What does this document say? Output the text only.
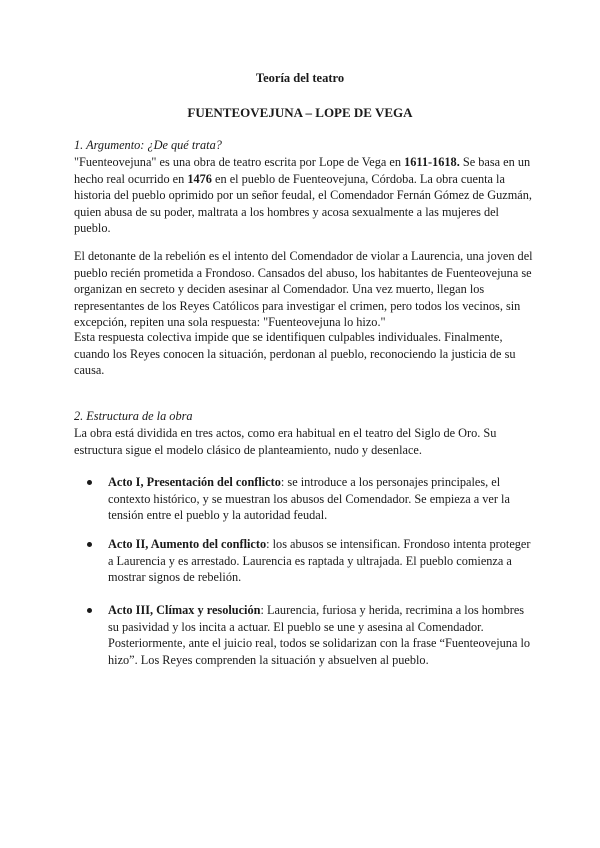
Teoría del teatro

FUENTEOVEJUNA – LOPE DE VEGA

1. Argumento: ¿De qué trata?

"Fuenteovejuna" es una obra de teatro escrita por Lope de Vega en 1611-1618. Se basa en un hecho real ocurrido en 1476 en el pueblo de Fuenteovejuna, Córdoba. La obra cuenta la historia del pueblo oprimido por un señor feudal, el Comendador Fernán Gómez de Guzmán, quien abusa de su poder, maltrata a los hombres y acosa sexualmente a las mujeres del pueblo.

El detonante de la rebelión es el intento del Comendador de violar a Laurencia, una joven del pueblo recién prometida a Frondoso. Cansados del abuso, los habitantes de Fuenteovejuna se organizan en secreto y deciden asesinar al Comendador. Una vez muerto, llegan los representantes de los Reyes Católicos para investigar el crimen, pero todos los vecinos, sin excepción, repiten una sola respuesta: "Fuenteovejuna lo hizo."

Esta respuesta colectiva impide que se identifiquen culpables individuales. Finalmente, cuando los Reyes conocen la situación, perdonan al pueblo, reconociendo la justicia de su causa.

2. Estructura de la obra

La obra está dividida en tres actos, como era habitual en el teatro del Siglo de Oro. Su estructura sigue el modelo clásico de planteamiento, nudo y desenlace.

Acto I, Presentación del conflicto: se introduce a los personajes principales, el contexto histórico, y se muestran los abusos del Comendador. Se empieza a ver la tensión entre el pueblo y la autoridad feudal.
Acto II, Aumento del conflicto: los abusos se intensifican. Frondoso intenta proteger a Laurencia y es arrestado. Laurencia es raptada y ultrajada. El pueblo comienza a mostrar signos de rebelión.
Acto III, Clímax y resolución: Laurencia, furiosa y herida, recrimina a los hombres su pasividad y los incita a actuar. El pueblo se une y asesina al Comendador. Posteriormente, ante el juicio real, todos se solidarizan con la frase “Fuenteovejuna lo hizo”. Los Reyes comprenden la situación y absuelven al pueblo.
